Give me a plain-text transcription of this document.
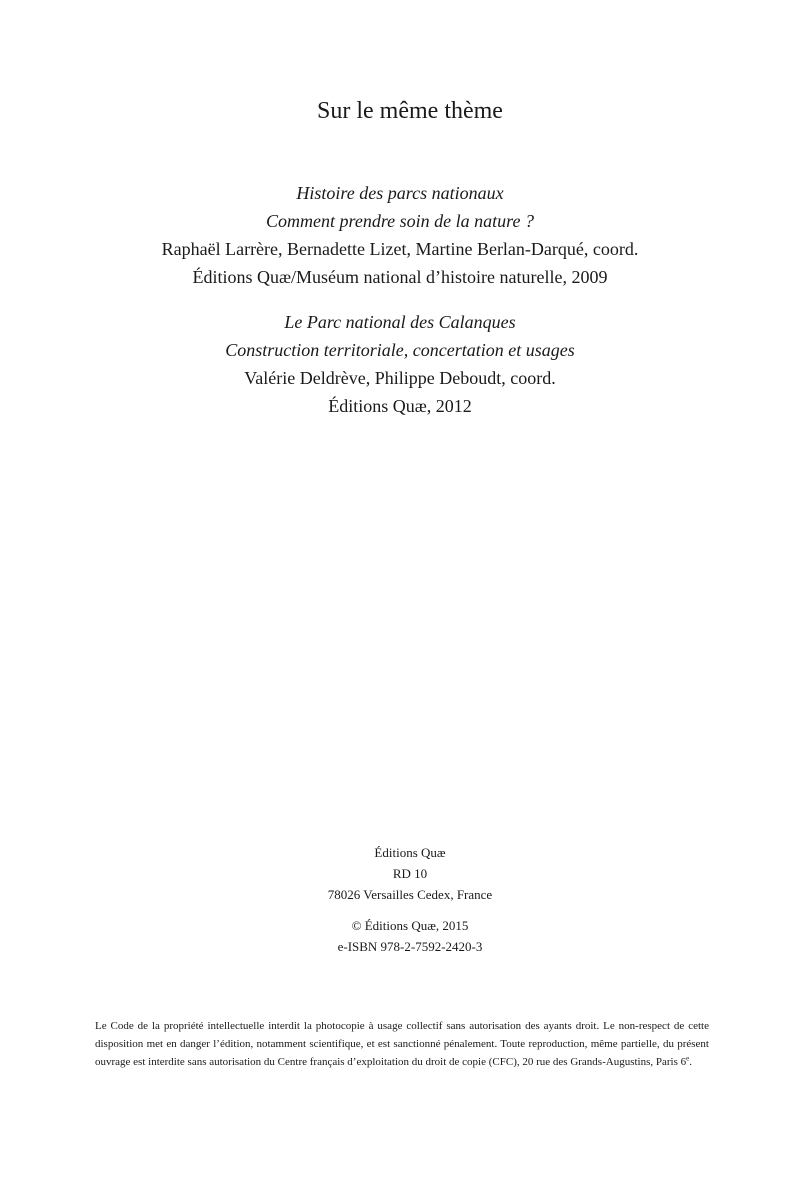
Sur le même thème
Histoire des parcs nationaux
Comment prendre soin de la nature ?
Raphaël Larrère, Bernadette Lizet, Martine Berlan-Darqué, coord.
Éditions Quæ/Muséum national d’histoire naturelle, 2009
Le Parc national des Calanques
Construction territoriale, concertation et usages
Valérie Deldrève, Philippe Deboudt, coord.
Éditions Quæ, 2012
Éditions Quæ
RD 10
78026 Versailles Cedex, France
© Éditions Quæ, 2015
e-ISBN 978-2-7592-2420-3
Le Code de la propriété intellectuelle interdit la photocopie à usage collectif sans autorisation des ayants droit. Le non-respect de cette disposition met en danger l’édition, notamment scientifique, et est sanctionné pénalement. Toute reproduction, même partielle, du présent ouvrage est interdite sans autorisation du Centre français d’exploitation du droit de copie (CFC), 20 rue des Grands-Augustins, Paris 6e.
